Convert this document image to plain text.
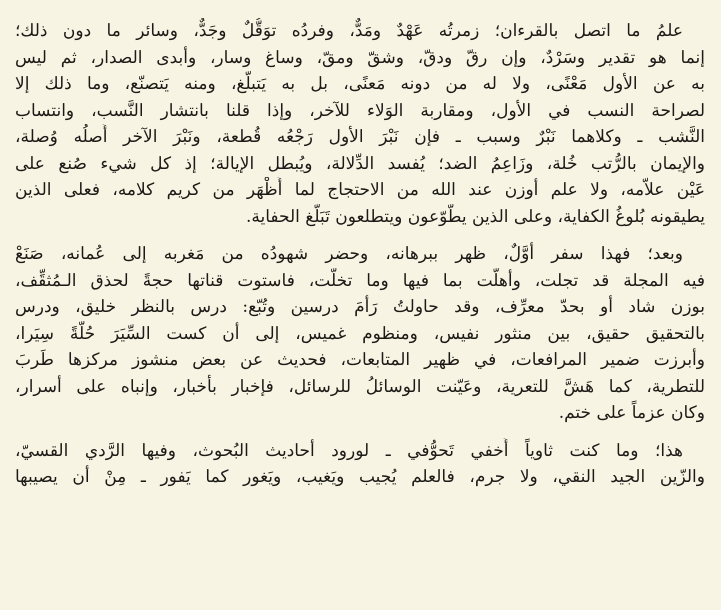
علمُ ما اتصل بالقرءان؛ زمرتُه عَهْدٌ ومَدٌّ، وفردُه توَقُّلٌ وجَدٌّ، وسائر ما دون ذلك؛
إنما هو تقدير وسَرْدٌ، وإن رقّ ودقّ، وشقّ ومقّ، وساغ وسار، وأبدى الصدار، ثم ليس
به عن الأول مَعْنًى، ولا له من دونه مَعنًى، بل به يَتبلّغ، ومنه يَتصنّع، وما ذلك إلا
لصراحة النسب في الأول، ومقاربة الوَلاء للآخر، وإذا قلنا بانتشار النَّسب، وانتساب
النَّشب ـ وكلاهما نَبْرٌ وسبب ـ فإن نَبْرَ الأول رَجْعُه قُطعة، ونَبْرَ الآخر أَصلُه وُصلة،
والإيمان بالرُّتب خُلة، وزَاعِمُ الضد؛ يُفسد الدِّلالة، ويُبطل الإيالة؛ إذ كل شيء صُنع على
عَيْن علاّمه، ولا علم أوزن عند الله من الاحتجاج لما أَظْهَر من كريم كلامه، فعلى الذين
يطيقونه بُلوغُ الكفاية، وعلى الذين يطّوّعون ويتطلعون تَبَلُّغ الحفاية.
وبعد؛ فهذا سفر أوَّلٌ، ظهر ببرهانه، وحضر شهودُه من مَغربه إلى عُمانه، صَنَعْ
فيه المجلة قد تجلت، وأهلّت بما فيها وما تخلّت، فاستوت قناتها حجةً لحذق الـمُثقِّف،
بوزن شاد أو بحدّ معرِّف، وقد حاولتُ رَأْمَ درسين وتُبّع: درس بالنظر خليق، ودرس
بالتحقيق حقيق، بين منثور نفيس، ومنظوم غميس، إلى أن كست السِّيَرَ حُلّةً سِيَرا،
وأبرزت ضمير المرافعات، في ظهير المتابعات، فحديث عن بعض منشوز مركزها طَربَ
للتطرية، كما هَشَّ للتعرية، وعَيّنت الوسائلُ للرسائل، فإخبار بأخبار، وإنباه على أسرار،
وكان عزماً على ختم.
هذا؛ وما كنت ثاوياً أُخفي تَحوُّفي ـ لورود أحاديث البُحوث، وفيها الرَّدي القسيّ،
والزّين الجيد النقي، ولا جرم، فالعلم يُجيب ويَغيب، ويَغور كما يَفور ـ مِنْ أن يصيبها
